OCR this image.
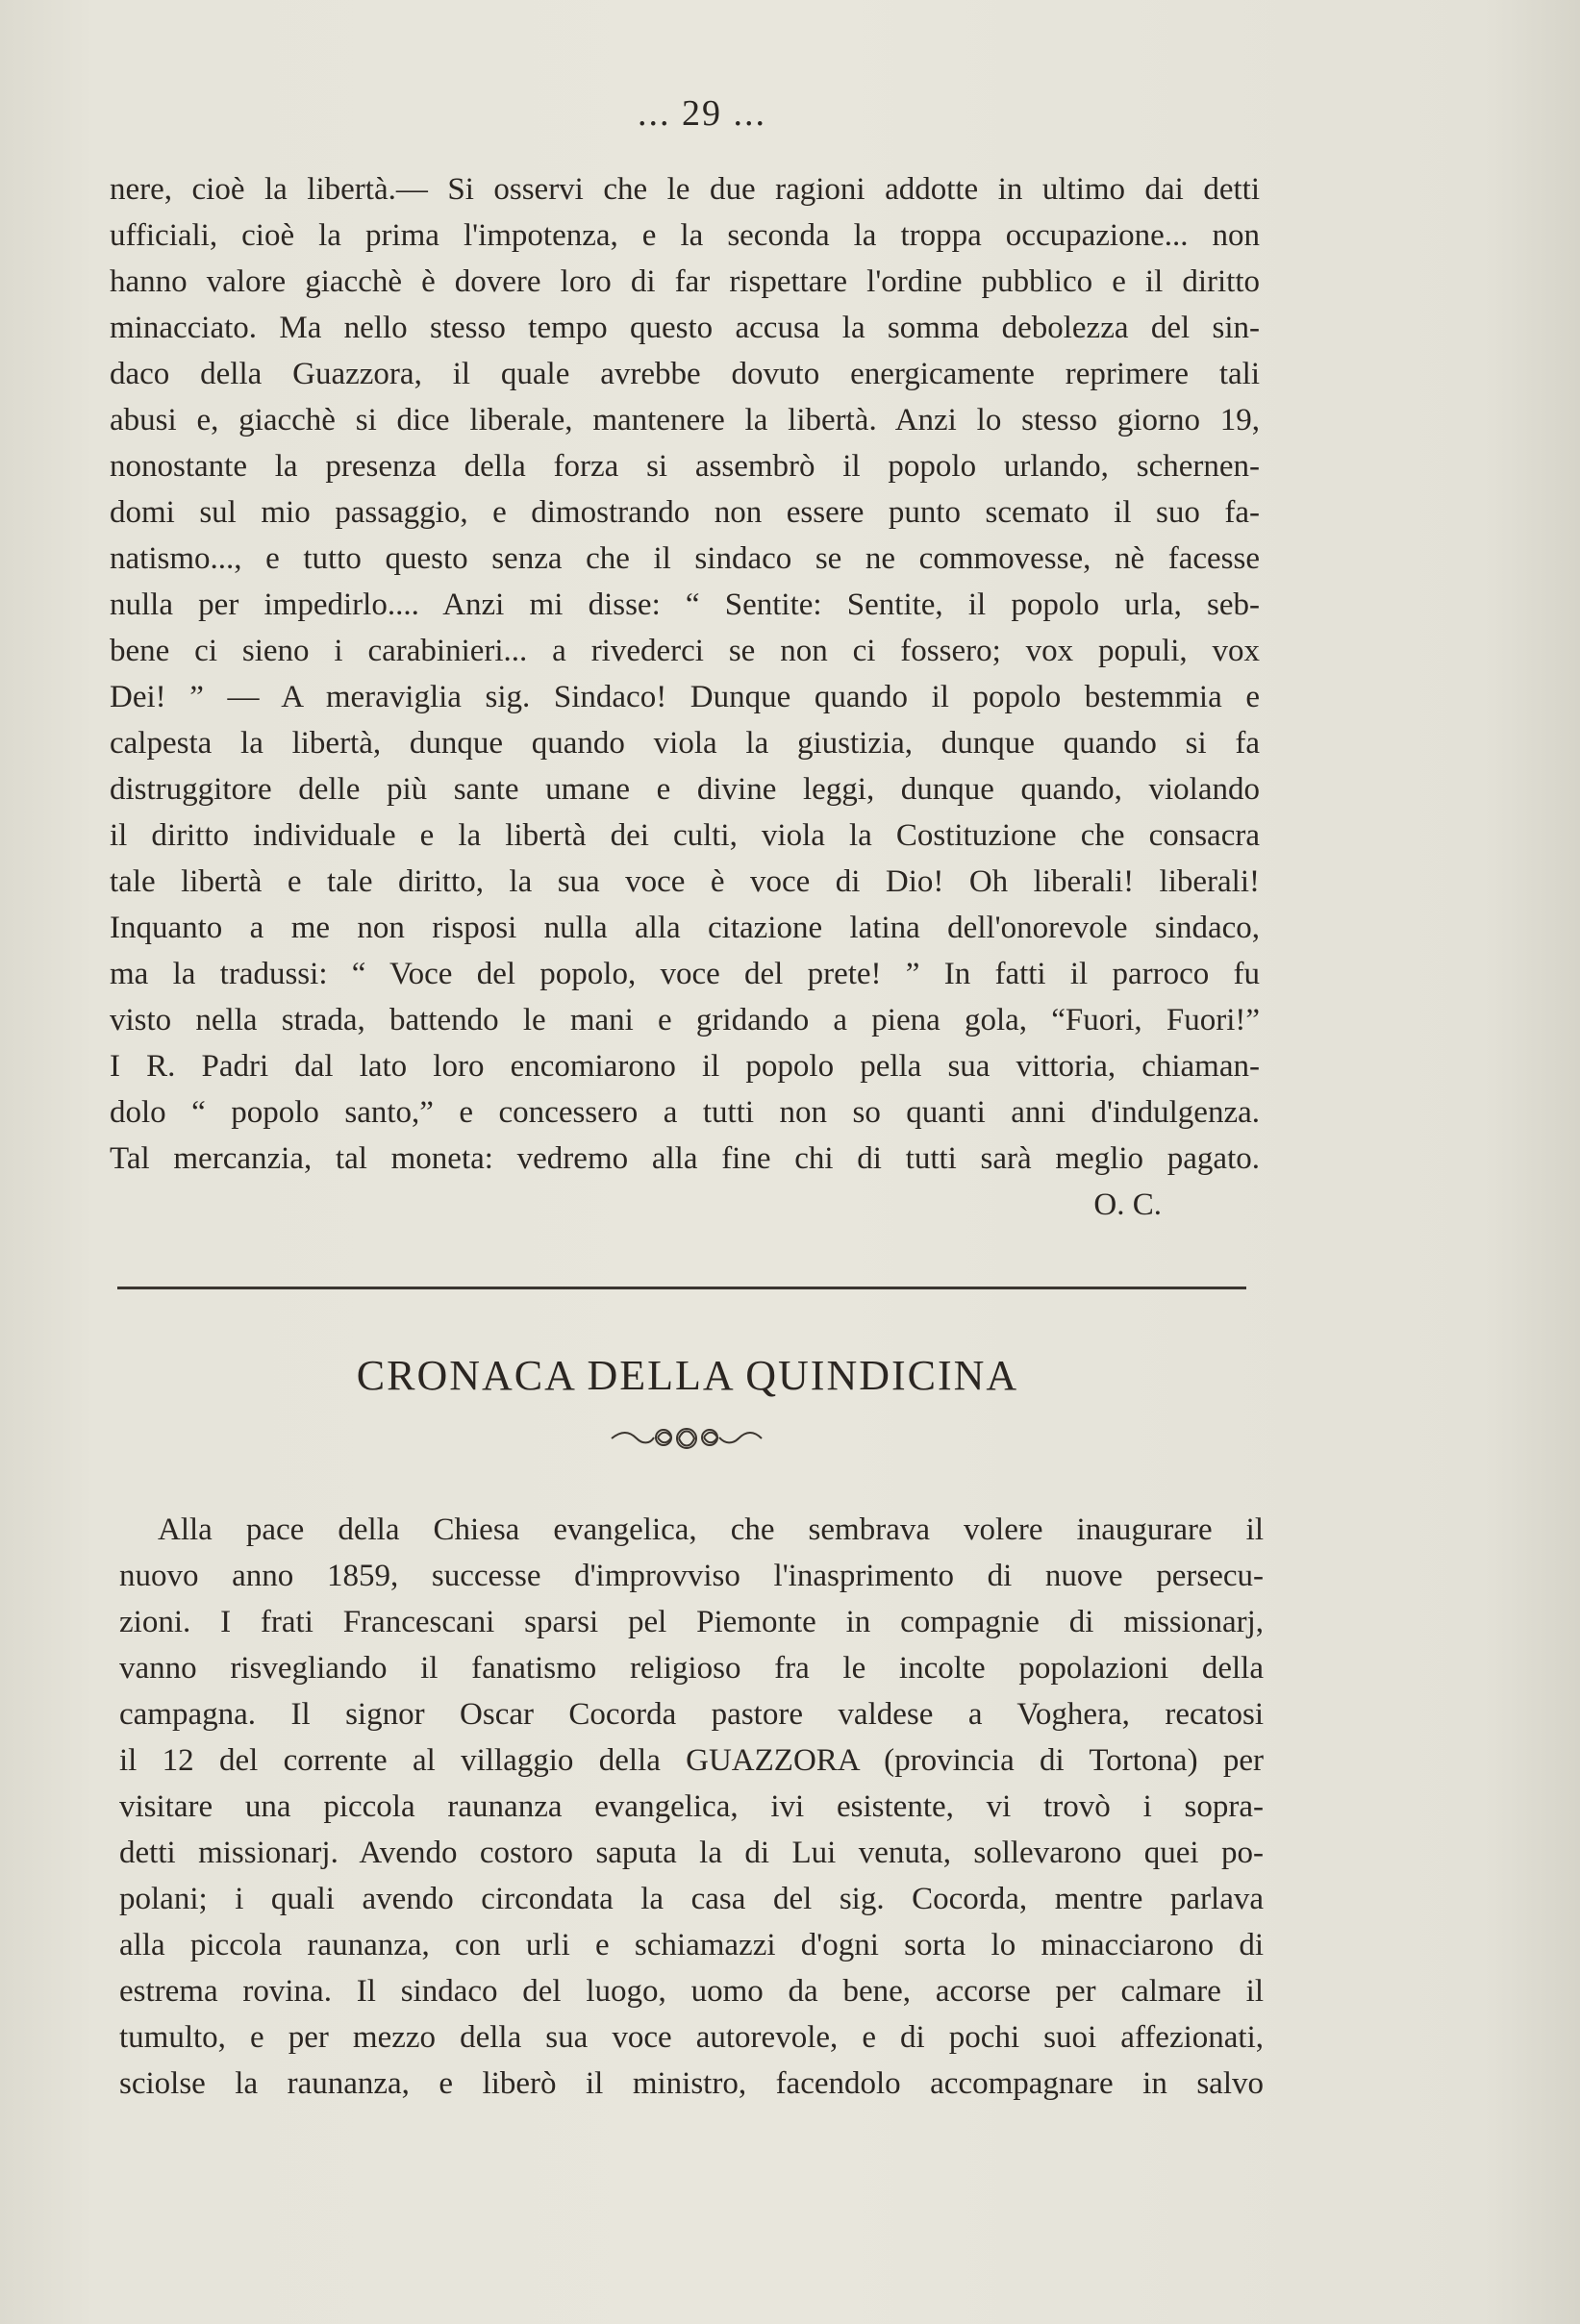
... 29 ...
nere, cioè la libertà.— Si osservi che le due ragioni addotte in ultimo dai detti
ufficiali, cioè la prima l'impotenza, e la seconda la troppa occupazione... non
hanno valore giacchè è dovere loro di far rispettare l'ordine pubblico e il diritto
minacciato. Ma nello stesso tempo questo accusa la somma debolezza del sin-
daco della Guazzora, il quale avrebbe dovuto energicamente reprimere tali
abusi e, giacchè si dice liberale, mantenere la libertà. Anzi lo stesso giorno 19,
nonostante la presenza della forza si assembrò il popolo urlando, schernen-
domi sul mio passaggio, e dimostrando non essere punto scemato il suo fa-
natismo..., e tutto questo senza che il sindaco se ne commovesse, nè facesse
nulla per impedirlo.... Anzi mi disse: “ Sentite: Sentite, il popolo urla, seb-
bene ci sieno i carabinieri... a rivederci se non ci fossero; vox populi, vox
Dei! ” — A meraviglia sig. Sindaco! Dunque quando il popolo bestemmia e
calpesta la libertà, dunque quando viola la giustizia, dunque quando si fa
distruggitore delle più sante umane e divine leggi, dunque quando, violando
il diritto individuale e la libertà dei culti, viola la Costituzione che consacra
tale libertà e tale diritto, la sua voce è voce di Dio! Oh liberali! liberali!
Inquanto a me non risposi nulla alla citazione latina dell'onorevole sindaco,
ma la tradussi: “ Voce del popolo, voce del prete! ” In fatti il parroco fu
visto nella strada, battendo le mani e gridando a piena gola, “Fuori, Fuori!”
I R. Padri dal lato loro encomiarono il popolo pella sua vittoria, chiaman-
dolo “ popolo santo,” e concessero a tutti non so quanti anni d'indulgenza.
Tal mercanzia, tal moneta: vedremo alla fine chi di tutti sarà meglio pagato.
O. C.
CRONACA DELLA QUINDICINA
Alla pace della Chiesa evangelica, che sembrava volere inaugurare il
nuovo anno 1859, successe d'improvviso l'inasprimento di nuove persecu-
zioni. I frati Francescani sparsi pel Piemonte in compagnie di missionarj,
vanno risvegliando il fanatismo religioso fra le incolte popolazioni della
campagna. Il signor Oscar Cocorda pastore valdese a Voghera, recatosi
il 12 del corrente al villaggio della GUAZZORA (provincia di Tortona) per
visitare una piccola raunanza evangelica, ivi esistente, vi trovò i sopra-
detti missionarj. Avendo costoro saputa la di Lui venuta, sollevarono quei po-
polani; i quali avendo circondata la casa del sig. Cocorda, mentre parlava
alla piccola raunanza, con urli e schiamazzi d'ogni sorta lo minacciarono di
estrema rovina. Il sindaco del luogo, uomo da bene, accorse per calmare il
tumulto, e per mezzo della sua voce autorevole, e di pochi suoi affezionati,
sciolse la raunanza, e liberò il ministro, facendolo accompagnare in salvo
